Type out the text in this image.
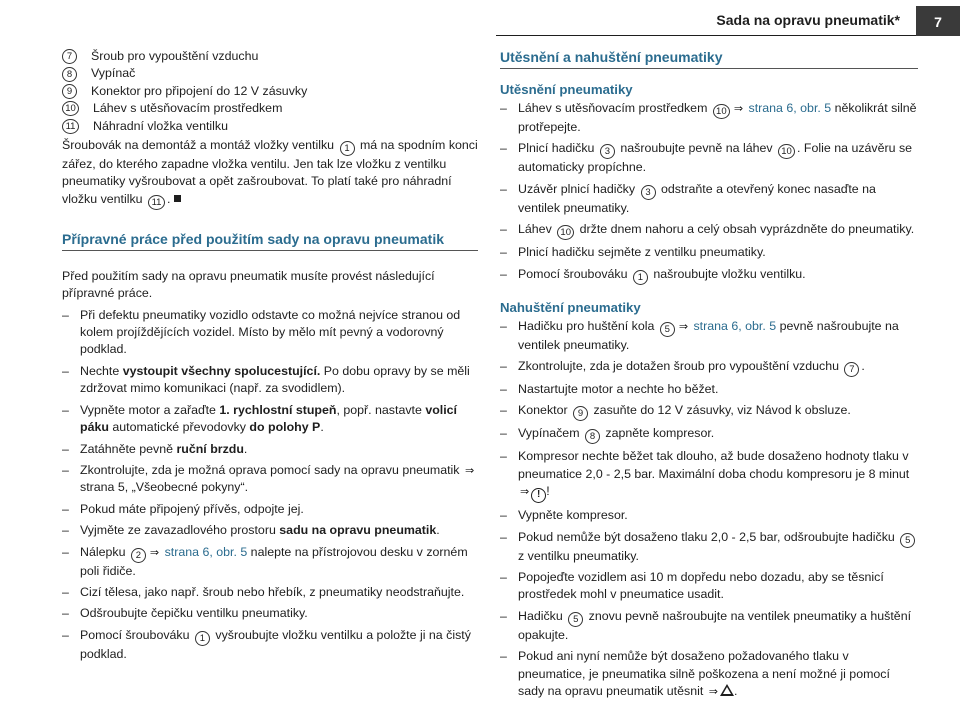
Sada na opravu pneumatik*	7
7	Šroub pro vypouštění vzduchu
8	Vypínač
9	Konektor pro připojení do 12 V zásuvky
10 Láhev s utěsňovacím prostředkem
11 Náhradní vložka ventilku

Šroubovák na demontáž a montáž vložky ventilku 1 má na spodním konci zářez, do kterého zapadne vložka ventilu. Jen tak lze vložku z ventilku pneumatiky vyšroubovat a opět zašroubovat. To platí také pro náhradní vložku ventilku 11 .

Přípravné práce před použitím sady na opravu pneumatik

Před použitím sady na opravu pneumatik musíte provést následující přípravné práce.

– Při defektu pneumatiky vozidlo odstavte co možná nejvíce stranou od kolem projíždějících vozidel. Místo by mělo mít pevný a vodorovný podklad.
– Nechte vystoupit všechny spolucestující. Po dobu opravy by se měli zdržovat mimo komunikaci (např. za svodidlem).
– Vypněte motor a zařaďte 1. rychlostní stupeň, popř. nastavte volicí páku automatické převodovky do polohy P.
– Zatáhněte pevně ruční brzdu.
– Zkontrolujte, zda je možná oprava pomocí sady na opravu pneumatik ⇒ strana 5, „Všeobecné pokyny“.
– Pokud máte připojený přívěs, odpojte jej.
– Vyjměte ze zavazadlového prostoru sadu na opravu pneumatik.
– Nálepku 2 ⇒ strana 6, obr. 5 nalepte na přístrojovou desku v zorném poli řidiče.
– Cizí tělesa, jako např. šroub nebo hřebík, z pneumatiky neodstraňujte.
– Odšroubujte čepičku ventilku pneumatiky.
– Pomocí šroubováku 1 vyšroubujte vložku ventilku a položte ji na čistý podklad.
Utěsnění a nahuštění pneumatiky
Utěsnění pneumatiky
– Láhev s utěsňovacím prostředkem 10 ⇒ strana 6, obr. 5 několikrát silně protřepejte.
– Plnicí hadičku 3 našroubujte pevně na láhev 10 . Folie na uzávěru se automaticky propíchne.
– Uzávěr plnicí hadičky 3 odstraňte a otevřený konec nasaďte na ventilek pneumatiky.
– Láhev 10 držte dnem nahoru a celý obsah vyprázdněte do pneumatiky.
– Plnicí hadičku sejměte z ventilku pneumatiky.
– Pomocí šroubováku 1 našroubujte vložku ventilku.
Nahuštění pneumatiky
– Hadičku pro huštění kola 5 ⇒ strana 6, obr. 5 pevně našroubujte na ventilek pneumatiky.
– Zkontrolujte, zda je dotažen šroub pro vypouštění vzduchu 7 .
– Nastartujte motor a nechte ho běžet.
– Konektor 9 zasuňte do 12 V zásuvky, viz Návod k obsluze.
– Vypínačem 8 zapněte kompresor.
– Kompresor nechte běžet tak dlouho, až bude dosaženo hodnoty tlaku v pneumatice 2,0 - 2,5 bar. Maximální doba chodu kompresoru je 8 minut ⇒ ! !
– Vypněte kompresor.
– Pokud nemůže být dosaženo tlaku 2,0 - 2,5 bar, odšroubujte hadičku 5 z ventilku pneumatiky.
– Popojeďte vozidlem asi 10 m dopředu nebo dozadu, aby se těsnicí prostředek mohl v pneumatice usadit.
– Hadičku 5 znovu pevně našroubujte na ventilek pneumatiky a huštění opakujte.
– Pokud ani nyní nemůže být dosaženo požadovaného tlaku v pneumatice, je pneumatika silně poškozena a není možné ji pomocí sady na opravu pneumatik utěsnit ⇒ .
